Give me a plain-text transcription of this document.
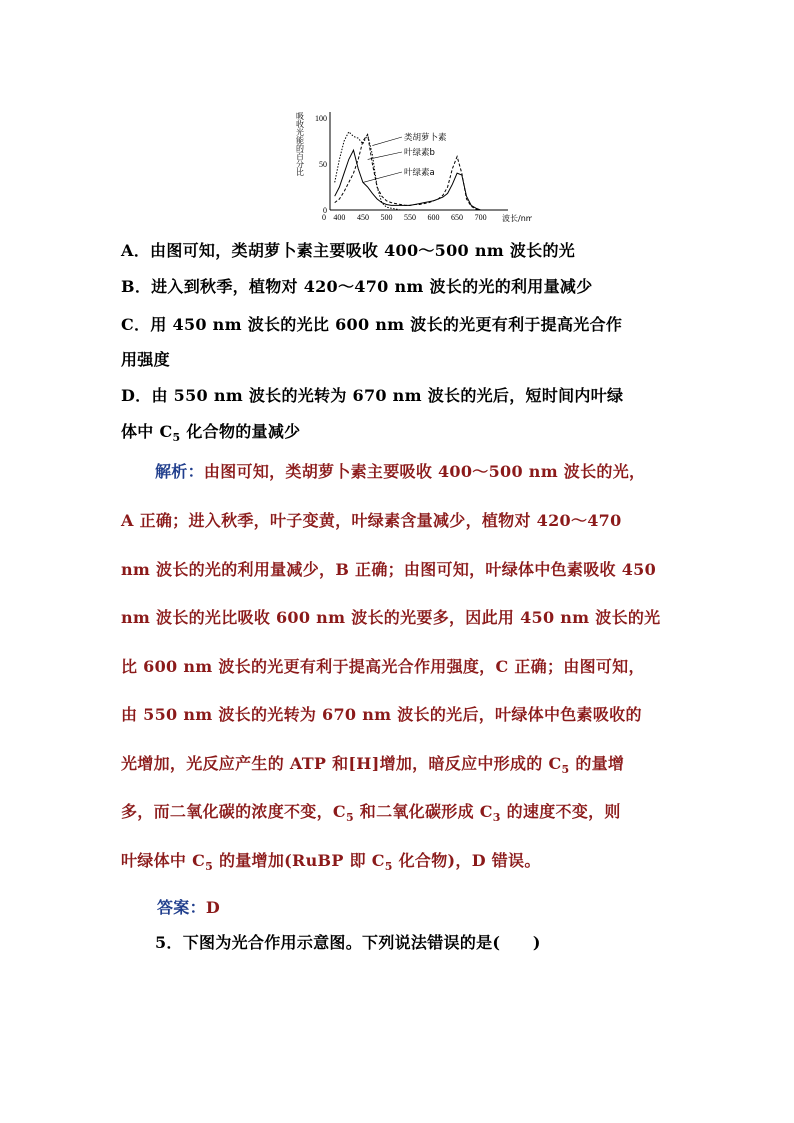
吸收光能的百分比 100
50
0
400 450 500 550 600 650 700
0	波长/nm
类胡萝卜素
叶绿素b
叶绿素a
A．由图可知，类胡萝卜素主要吸收 400～500 nm 波长的光
B．进入到秋季，植物对 420～470 nm 波长的光的利用量减少
C．用 450 nm 波长的光比 600 nm 波长的光更有利于提高光合作
用强度
D．由 550 nm 波长的光转为 670 nm 波长的光后，短时间内叶绿
体中 $C_5$ 化合物的量减少
解析：由图可知，类胡萝卜素主要吸收 400～500 nm 波长的光，
A 正确；进入秋季，叶子变黄，叶绿素含量减少，植物对 420～470
nm 波长的光的利用量减少，B 正确；由图可知，叶绿体中色素吸收 450
nm 波长的光比吸收 600 nm 波长的光要多，因此用 450 nm 波长的光
比 600 nm 波长的光更有利于提高光合作用强度，C 正确；由图可知，
由 550 nm 波长的光转为 670 nm 波长的光后，叶绿体中色素吸收的
光增加，光反应产生的 ATP 和[H]增加，暗反应中形成的 $C_5$ 的量增
多，而二氧化碳的浓度不变，$C_5$ 和二氧化碳形成 $C_3$ 的速度不变，则
叶绿体中 $C_5$ 的量增加(RuBP 即 $C_5$ 化合物)，D 错误。
答案：D
5．下图为光合作用示意图。下列说法错误的是(　　)
